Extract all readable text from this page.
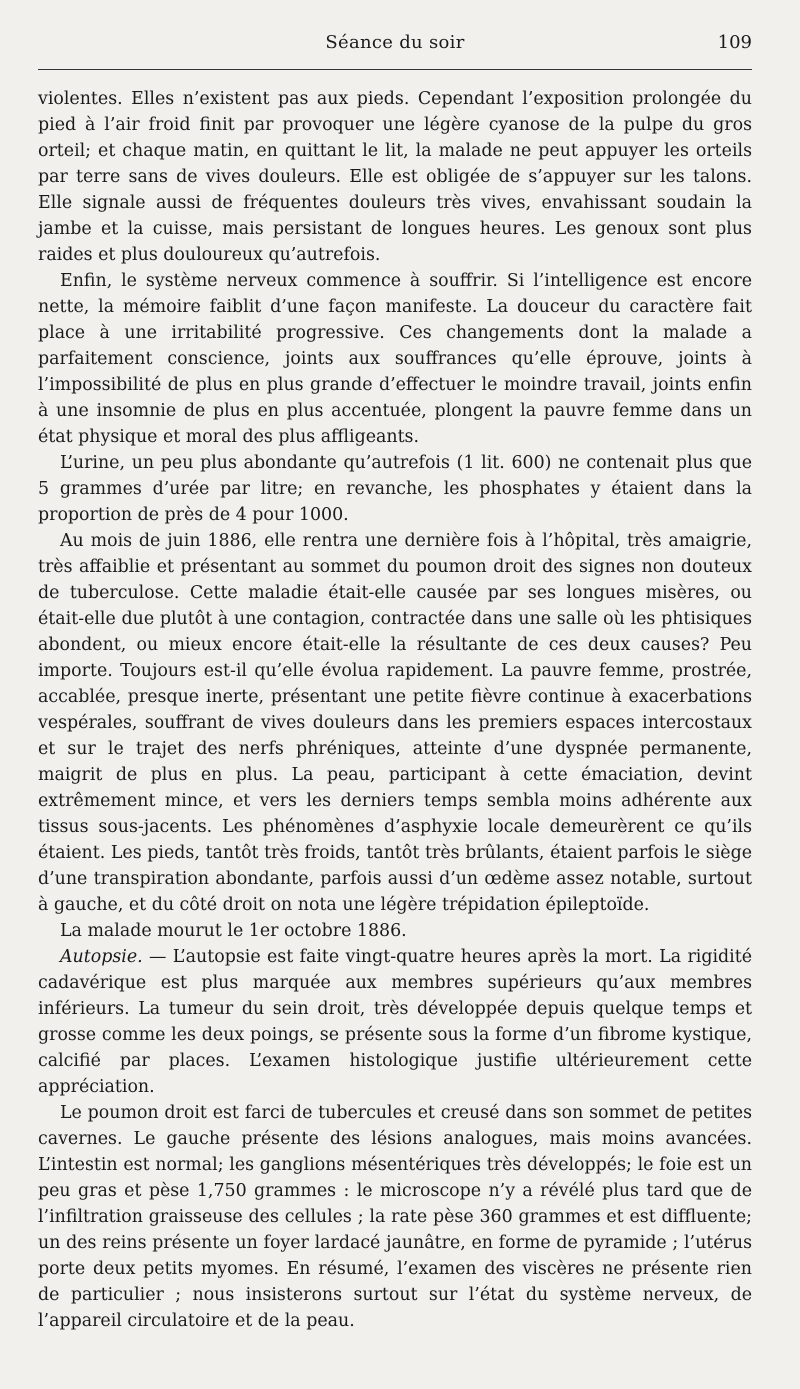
Séance du soir	109

violentes. Elles n’existent pas aux pieds. Cependant l’exposition prolongée du pied à l’air froid finit par provoquer une légère cyanose de la pulpe du gros orteil; et chaque matin, en quittant le lit, la malade ne peut appuyer les orteils par terre sans de vives douleurs. Elle est obligée de s’appuyer sur les talons. Elle signale aussi de fréquentes douleurs très vives, envahissant soudain la jambe et la cuisse, mais persistant de longues heures. Les genoux sont plus raides et plus douloureux qu’autrefois.

Enfin, le système nerveux commence à souffrir. Si l’intelligence est encore nette, la mémoire faiblit d’une façon manifeste. La douceur du caractère fait place à une irritabilité progressive. Ces changements dont la malade a parfaitement conscience, joints aux souffrances qu’elle éprouve, joints à l’impossibilité de plus en plus grande d’effectuer le moindre travail, joints enfin à une insomnie de plus en plus accentuée, plongent la pauvre femme dans un état physique et moral des plus affligeants.

L’urine, un peu plus abondante qu’autrefois (1 lit. 600) ne contenait plus que 5 grammes d’urée par litre; en revanche, les phosphates y étaient dans la proportion de près de 4 pour 1000.

Au mois de juin 1886, elle rentra une dernière fois à l’hôpital, très amaigrie, très affaiblie et présentant au sommet du poumon droit des signes non douteux de tuberculose. Cette maladie était-elle causée par ses longues misères, ou était-elle due plutôt à une contagion, contractée dans une salle où les phtisiques abondent, ou mieux encore était-elle la résultante de ces deux causes? Peu importe. Toujours est-il qu’elle évolua rapidement. La pauvre femme, prostrée, accablée, presque inerte, présentant une petite fièvre continue à exacerbations vespérales, souffrant de vives douleurs dans les premiers espaces intercostaux et sur le trajet des nerfs phréniques, atteinte d’une dyspnée permanente, maigrit de plus en plus. La peau, participant à cette émaciation, devint extrêmement mince, et vers les derniers temps sembla moins adhérente aux tissus sous-jacents. Les phénomènes d’asphyxie locale demeurèrent ce qu’ils étaient. Les pieds, tantôt très froids, tantôt très brûlants, étaient parfois le siège d’une transpiration abondante, parfois aussi d’un œdème assez notable, surtout à gauche, et du côté droit on nota une légère trépidation épileptoïde.

La malade mourut le 1er octobre 1886.

Autopsie. — L’autopsie est faite vingt-quatre heures après la mort. La rigidité cadavérique est plus marquée aux membres supérieurs qu’aux membres inférieurs. La tumeur du sein droit, très développée depuis quelque temps et grosse comme les deux poings, se présente sous la forme d’un fibrome kystique, calcifié par places. L’examen histologique justifie ultérieurement cette appréciation.

Le poumon droit est farci de tubercules et creusé dans son sommet de petites cavernes. Le gauche présente des lésions analogues, mais moins avancées. L’intestin est normal; les ganglions mésentériques très développés; le foie est un peu gras et pèse 1,750 grammes : le microscope n’y a révélé plus tard que de l’infiltration graisseuse des cellules ; la rate pèse 360 grammes et est diffluente; un des reins présente un foyer lardacé jaunâtre, en forme de pyramide ; l’utérus porte deux petits myomes. En résumé, l’examen des viscères ne présente rien de particulier ; nous insisterons surtout sur l’état du système nerveux, de l’appareil circulatoire et de la peau.
